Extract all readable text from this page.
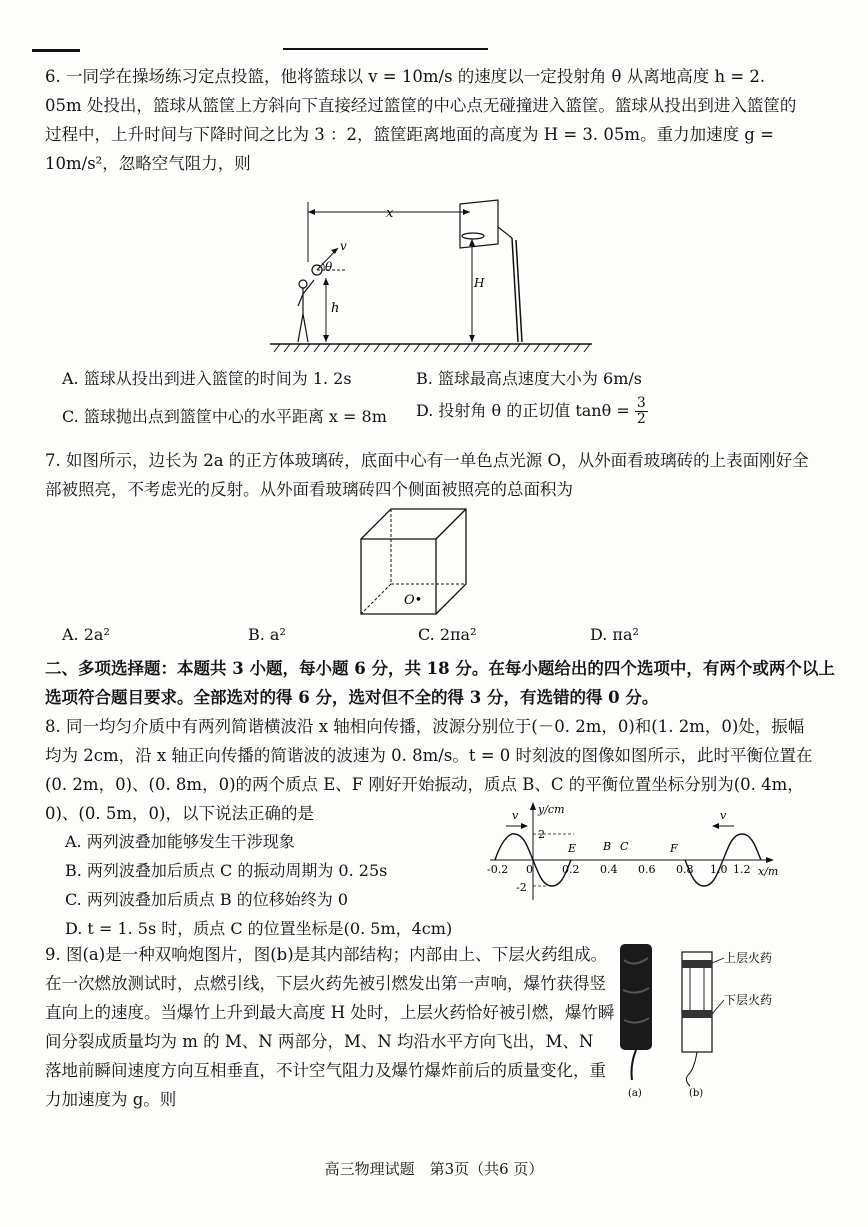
6. 一同学在操场练习定点投篮，他将篮球以 v = 10m/s 的速度以一定投射角 θ 从离地高度 h = 2. 05m 处投出，篮球从篮筐上方斜向下直接经过篮筐的中心点无碰撞进入篮筐。篮球从投出到进入篮筐的过程中，上升时间与下降时间之比为 3 ：2，篮筐距离地面的高度为 H = 3. 05m。重力加速度 g = 10m/s²，忽略空气阻力，则

x
v
θ
h
H
A. 篮球从投出到进入篮筐的时间为 1. 2s	B. 篮球最高点速度大小为 6m/s
C. 篮球抛出点到篮筐中心的水平距离 x = 8m D. 投射角 θ 的正切值 $\tan\theta = \frac{3}{2}$

7. 如图所示，边长为 2a 的正方体玻璃砖，底面中心有一单色点光源 O，从外面看玻璃砖的上表面刚好全部被照亮，不考虑光的反射。从外面看玻璃砖四个侧面被照亮的总面积为

O•
A. 2a²	B. a²	C. 2πa²	D. πa²
二、多项选择题：本题共 3 小题，每小题 6 分，共 18 分。在每小题给出的四个选项中，有两个或两个以上选项符合题目要求。全部选对的得 6 分，选对但不全的得 3 分，有选错的得 0 分。

8. 同一均匀介质中有两列简谐横波沿 x 轴相向传播，波源分别位于(－0. 2m，0)和(1. 2m，0)处，振幅均为 2cm，沿 x 轴正向传播的简谐波的波速为 0. 8m/s。t = 0 时刻波的图像如图所示，此时平衡位置在(0. 2m，0)、(0. 8m，0)的两个质点 E、F 刚好开始振动，质点 B、C 的平衡位置坐标分别为(0. 4m，0)、(0. 5m，0)，以下说法正确的是

A. 两列波叠加能够发生干涉现象
B. 两列波叠加后质点 C 的振动周期为 0. 25s
C. 两列波叠加后质点 B 的位移始终为 0
D. t = 1. 5s 时，质点 C 的位置坐标是(0. 5m，4cm)
y/cm
x/m
2
-2
-0.2 0	0.2 0.4 0.6 0.8 1.0 1.2
E B C	F
v	v

9. 图(a)是一种双响炮图片，图(b)是其内部结构；内部由上、下层火药组成。在一次燃放测试时，点燃引线，下层火药先被引燃发出第一声响，爆竹获得竖直向上的速度。当爆竹上升到最大高度 H 处时，上层火药恰好被引燃，爆竹瞬间分裂成质量均为 m 的 M、N 两部分，M、N 均沿水平方向飞出，M、N 落地前瞬间速度方向互相垂直，不计空气阻力及爆竹爆炸前后的质量变化，重力加速度为 g。则

上层火药
下层火药
(a)	(b)
高三物理试题　第3页（共6 页）
